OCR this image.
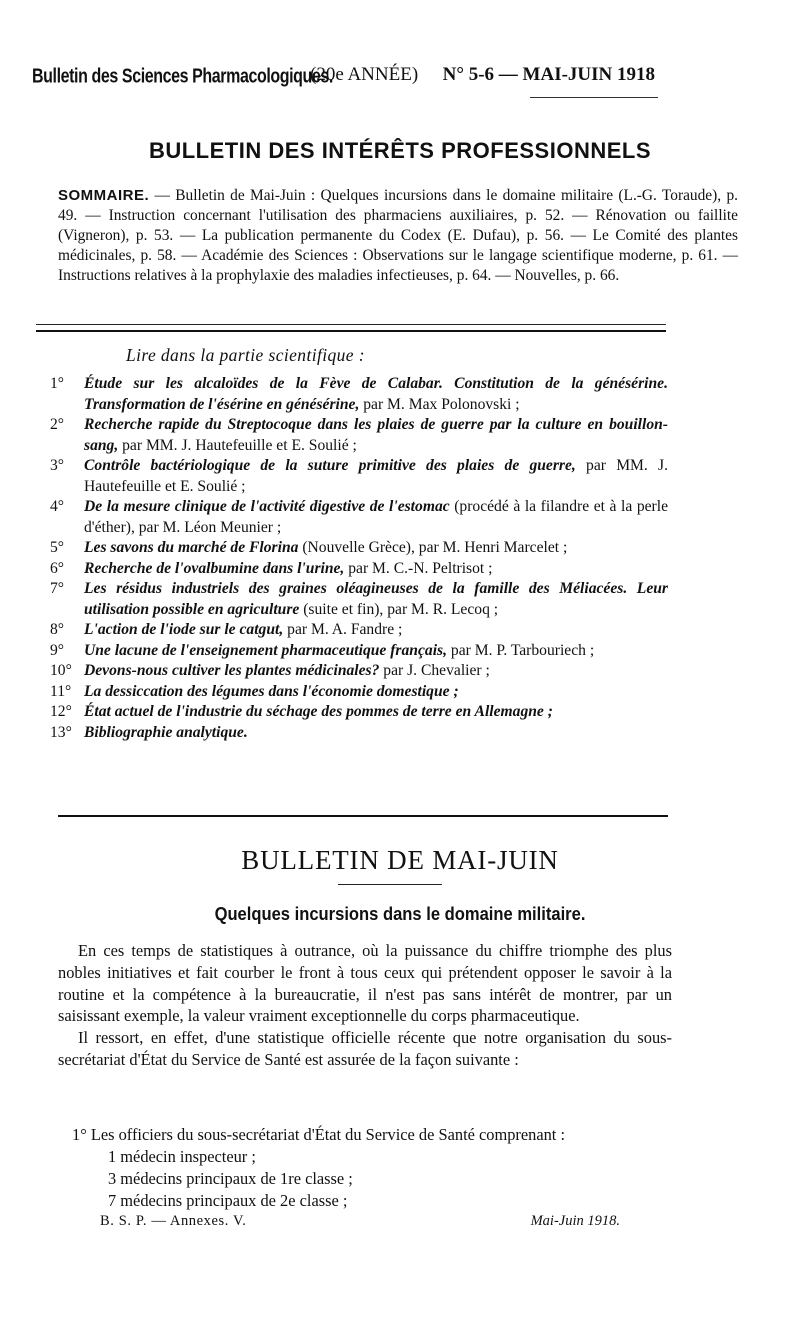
Bulletin des Sciences Pharmacologiques.
(20e ANNÉE) N° 5-6 — MAI-JUIN 1918
BULLETIN DES INTÉRÊTS PROFESSIONNELS
SOMMAIRE. — Bulletin de Mai-Juin : Quelques incursions dans le domaine militaire (L.-G. Toraude), p. 49. — Instruction concernant l'utilisation des pharmaciens auxiliaires, p. 52. — Rénovation ou faillite (Vigneron), p. 53. — La publication permanente du Codex (E. Dufau), p. 56. — Le Comité des plantes médicinales, p. 58. — Académie des Sciences : Observations sur le langage scientifique moderne, p. 61. — Instructions relatives à la prophylaxie des maladies infectieuses, p. 64. — Nouvelles, p. 66.
Lire dans la partie scientifique :
1° Étude sur les alcaloïdes de la Fève de Calabar. Constitution de la génésérine. Transformation de l'ésérine en génésérine, par M. Max Polonovski ;
2° Recherche rapide du Streptocoque dans les plaies de guerre par la culture en bouillon-sang, par MM. J. Hautefeuille et E. Soulié ;
3° Contrôle bactériologique de la suture primitive des plaies de guerre, par MM. J. Hautefeuille et E. Soulié ;
4° De la mesure clinique de l'activité digestive de l'estomac (procédé à la filandre et à la perle d'éther), par M. Léon Meunier ;
5° Les savons du marché de Florina (Nouvelle Grèce), par M. Henri Marcelet ;
6° Recherche de l'ovalbumine dans l'urine, par M. C.-N. Peltrisot ;
7° Les résidus industriels des graines oléagineuses de la famille des Méliacées. Leur utilisation possible en agriculture (suite et fin), par M. R. Lecoq ;
8° L'action de l'iode sur le catgut, par M. A. Fandre ;
9° Une lacune de l'enseignement pharmaceutique français, par M. P. Tarbouriech ;
10° Devons-nous cultiver les plantes médicinales? par J. Chevalier ;
11° La dessiccation des légumes dans l'économie domestique ;
12° État actuel de l'industrie du séchage des pommes de terre en Allemagne ;
13° Bibliographie analytique.
BULLETIN DE MAI-JUIN
Quelques incursions dans le domaine militaire.

En ces temps de statistiques à outrance, où la puissance du chiffre triomphe des plus nobles initiatives et fait courber le front à tous ceux qui prétendent opposer le savoir à la routine et la compétence à la bureaucratie, il n'est pas sans intérêt de montrer, par un saisissant exemple, la valeur vraiment exceptionnelle du corps pharmaceutique.

Il ressort, en effet, d'une statistique officielle récente que notre organisation du sous-secrétariat d'État du Service de Santé est assurée de la façon suivante :

1° Les officiers du sous-secrétariat d'État du Service de Santé comprenant :
1 médecin inspecteur ;
3 médecins principaux de 1re classe ;
7 médecins principaux de 2e classe ;
B. S. P. — Annexes. V.	Mai-Juin 1918.
